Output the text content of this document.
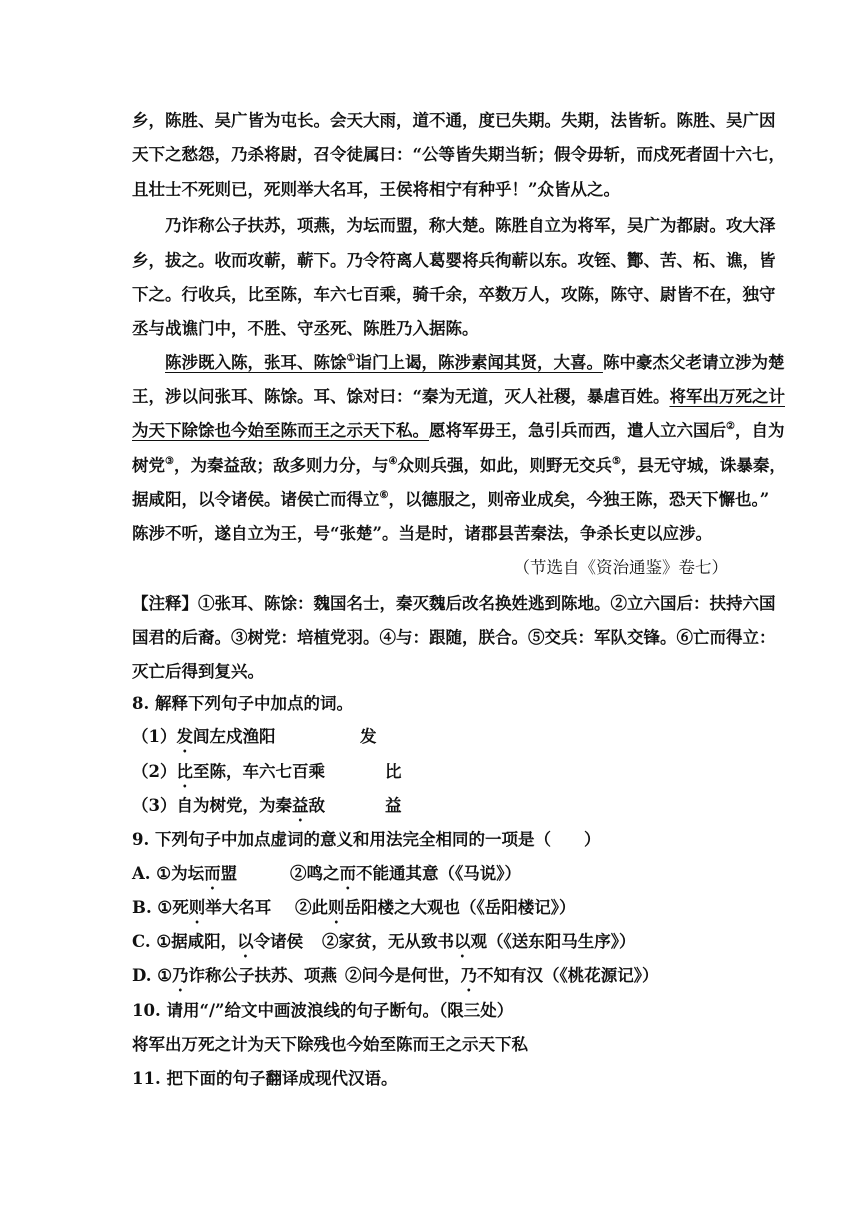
乡，陈胜、吴广皆为屯长。会天大雨，道不通，度已失期。失期，法皆斩。陈胜、吴广因
天下之愁怨，乃杀将尉，召令徒属曰：“公等皆失期当斩；假令毋斩，而戍死者固十六七，
且壮士不死则已，死则举大名耳，王侯将相宁有种乎！”众皆从之。
乃诈称公子扶苏，项燕，为坛而盟，称大楚。陈胜自立为将军，吴广为都尉。攻大泽
乡，拔之。收而攻蕲，蕲下。乃令符离人葛婴将兵徇蕲以东。攻铚、酇、苦、柘、谯，皆
下之。行收兵，比至陈，车六七百乘，骑千余，卒数万人，攻陈，陈守、尉皆不在，独守
丞与战谯门中，不胜、守丞死、陈胜乃入据陈。
陈涉既入陈，张耳、陈馀①诣门上谒，陈涉素闻其贤，大喜。陈中豪杰父老请立涉为楚
王，涉以问张耳、陈馀。耳、馀对曰：“秦为无道，灭人社稷，暴虐百姓。将军出万死之计
为天下除馀也今始至陈而王之示天下私。愿将军毋王，急引兵而西，遣人立六国后②，自为
树党③，为秦益敌；敌多则力分，与④众则兵强，如此，则野无交兵⑤，县无守城，诛暴秦，
据咸阳，以令诸侯。诸侯亡而得立⑥，以德服之，则帝业成矣，今独王陈，恐天下懈也。”
陈涉不听，遂自立为王，号“张楚”。当是时，诸郡县苦秦法，争杀长吏以应涉。
（节选自《资治通鉴》卷七）
【注释】①张耳、陈馀：魏国名士，秦灭魏后改名换姓逃到陈地。②立六国后：扶持六国
国君的后裔。③树党：培植党羽。④与：跟随，朕合。⑤交兵：军队交锋。⑥亡而得立：
灭亡后得到复兴。
8. 解释下列句子中加点的词。
（1）发闾左戍渔阳	发
（2）比至陈，车六七百乘	比
（3）自为树党，为秦益敌	益
9. 下列句子中加点虚词的意义和用法完全相同的一项是（　　）
A. ①为坛而盟	②鸣之而不能通其意（《马说》）
B. ①死则举大名耳 ②此则岳阳楼之大观也（《岳阳楼记》）
C. ①据咸阳，以令诸侯 ②家贫，无从致书以观（《送东阳马生序》）
D. ①乃诈称公子扶苏、项燕 ②问今是何世，乃不知有汉（《桃花源记》）
10. 请用“/”给文中画波浪线的句子断句。（限三处）
将军出万死之计为天下除残也今始至陈而王之示天下私
11. 把下面的句子翻译成现代汉语。
